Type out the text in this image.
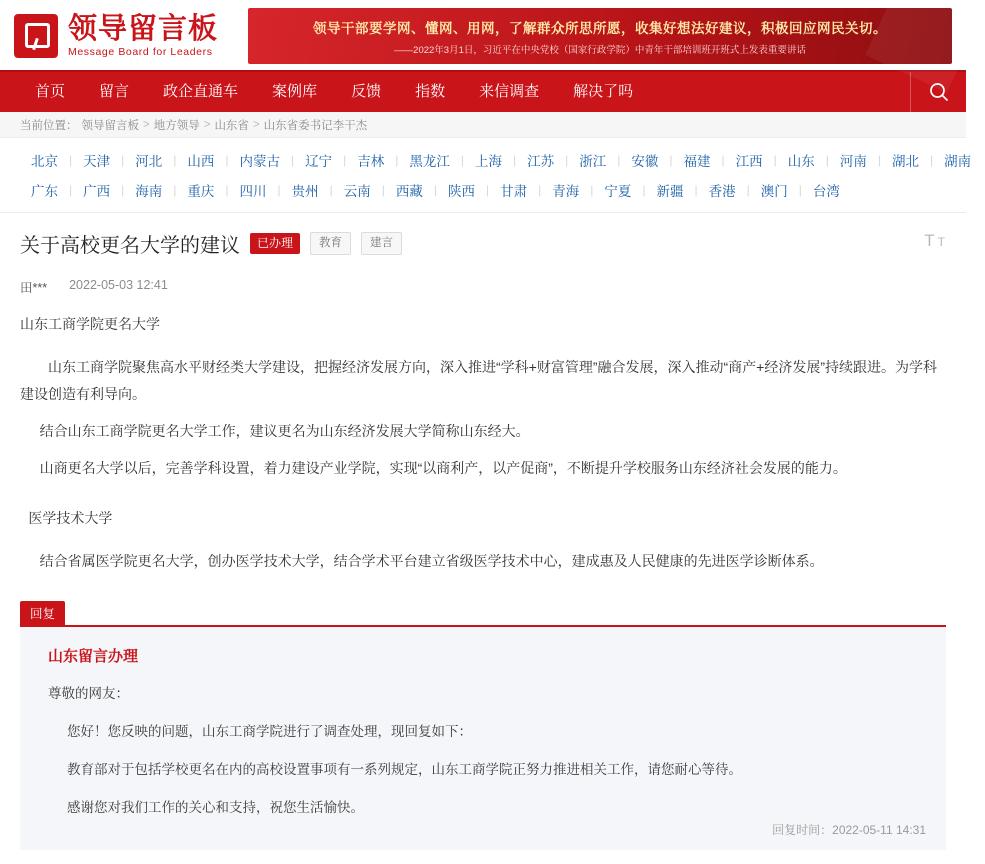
领导留言板
Message Board for Leaders
领导干部要学网、懂网、用网，了解群众所思所愿，收集好想法好建议，积极回应网民关切。
——2022年3月1日，习近平在中央党校（国家行政学院）中青年干部培训班开班式上发表重要讲话
首页	留言	政企直通车	案例库	反馈	指数	来信调查	解决了吗
当前位置： 领导留言板 > 地方领导 > 山东省 > 山东省委书记李干杰
北京 | 天津 | 河北 | 山西 | 内蒙古 | 辽宁 | 吉林 | 黑龙江 | 上海 | 江苏 | 浙江 | 安徽 | 福建 | 江西 | 山东 | 河南 | 湖北 | 湖南
广东 | 广西 | 海南 | 重庆 | 四川 | 贵州 | 云南 | 西藏 | 陕西 | 甘肃 | 青海 | 宁夏 | 新疆 | 香港 | 澳门 | 台湾
关于高校更名大学的建议	已办理	教育	建言	T T
田*** 2022-05-03 12:41
山东工商学院更名大学

山东工商学院聚焦高水平财经类大学建设，把握经济发展方向，深入推进“学科+财富管理”融合发展，深入推动“商产+经济发展”持续跟进。为学科建设创造有利导向。

结合山东工商学院更名大学工作，建议更名为山东经济发展大学简称山东经大。

山商更名大学以后，完善学科设置，着力建设产业学院，实现“以商利产，以产促商”，不断提升学校服务山东经济社会发展的能力。

医学技术大学

结合省属医学院更名大学，创办医学技术大学，结合学术平台建立省级医学技术中心，建成惠及人民健康的先进医学诊断体系。

回复
山东留言办理

尊敬的网友：

您好！您反映的问题，山东工商学院进行了调查处理，现回复如下：

教育部对于包括学校更名在内的高校设置事项有一系列规定，山东工商学院正努力推进相关工作，请您耐心等待。

感谢您对我们工作的关心和支持，祝您生活愉快。

回复时间：2022-05-11 14:31
